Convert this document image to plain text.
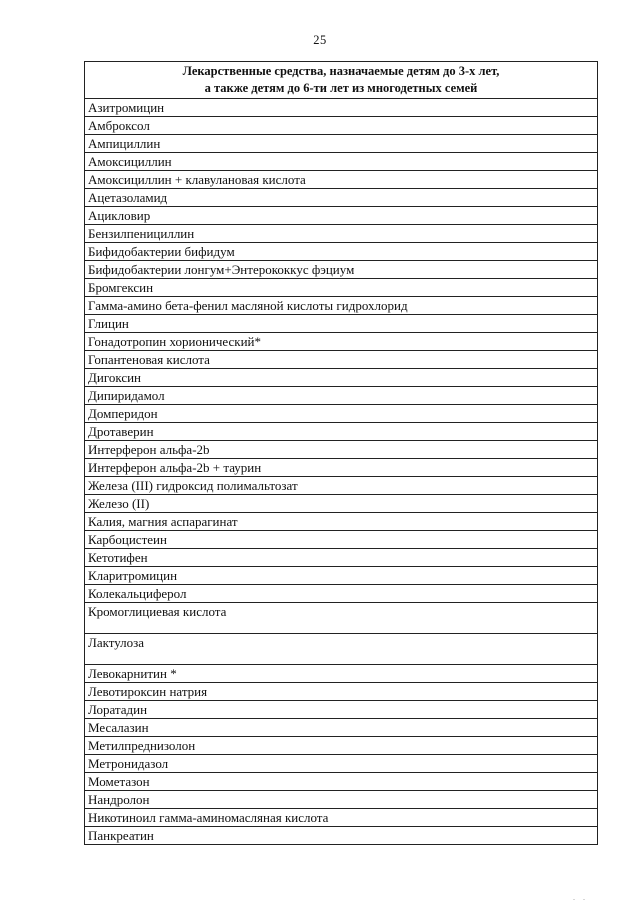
25
Лекарственные средства, назначаемые детям до 3-х лет,
а также детям до 6-ти лет из многодетных семей

Азитромицин
Амброксол
Ампициллин
Амоксициллин
Амоксициллин + клавулановая кислота
Ацетазоламид
Ацикловир
Бензилпенициллин
Бифидобактерии бифидум
Бифидобактерии лонгум+Энтерококкус фэциум
Бромгексин
Гамма-амино бета-фенил масляной кислоты гидрохлорид
Глицин
Гонадотропин хорионический*
Гопантеновая кислота
Дигоксин
Дипиридамол
Домперидон
Дротаверин
Интерферон альфа-2b
Интерферон альфа-2b + таурин
Железа (III) гидроксид полимальтозат
Железо (II)
Калия, магния аспарагинат
Карбоцистеин
Кетотифен
Кларитромицин
Колекальциферол
Кромоглициевая кислота
Лактулоза
Левокарнитин *
Левотироксин натрия
Лоратадин
Месалазин
Метилпреднизолон
Метронидазол
Мометазон
Нандролон
Никотиноил гамма-аминомасляная кислота
Панкреатин
. .
